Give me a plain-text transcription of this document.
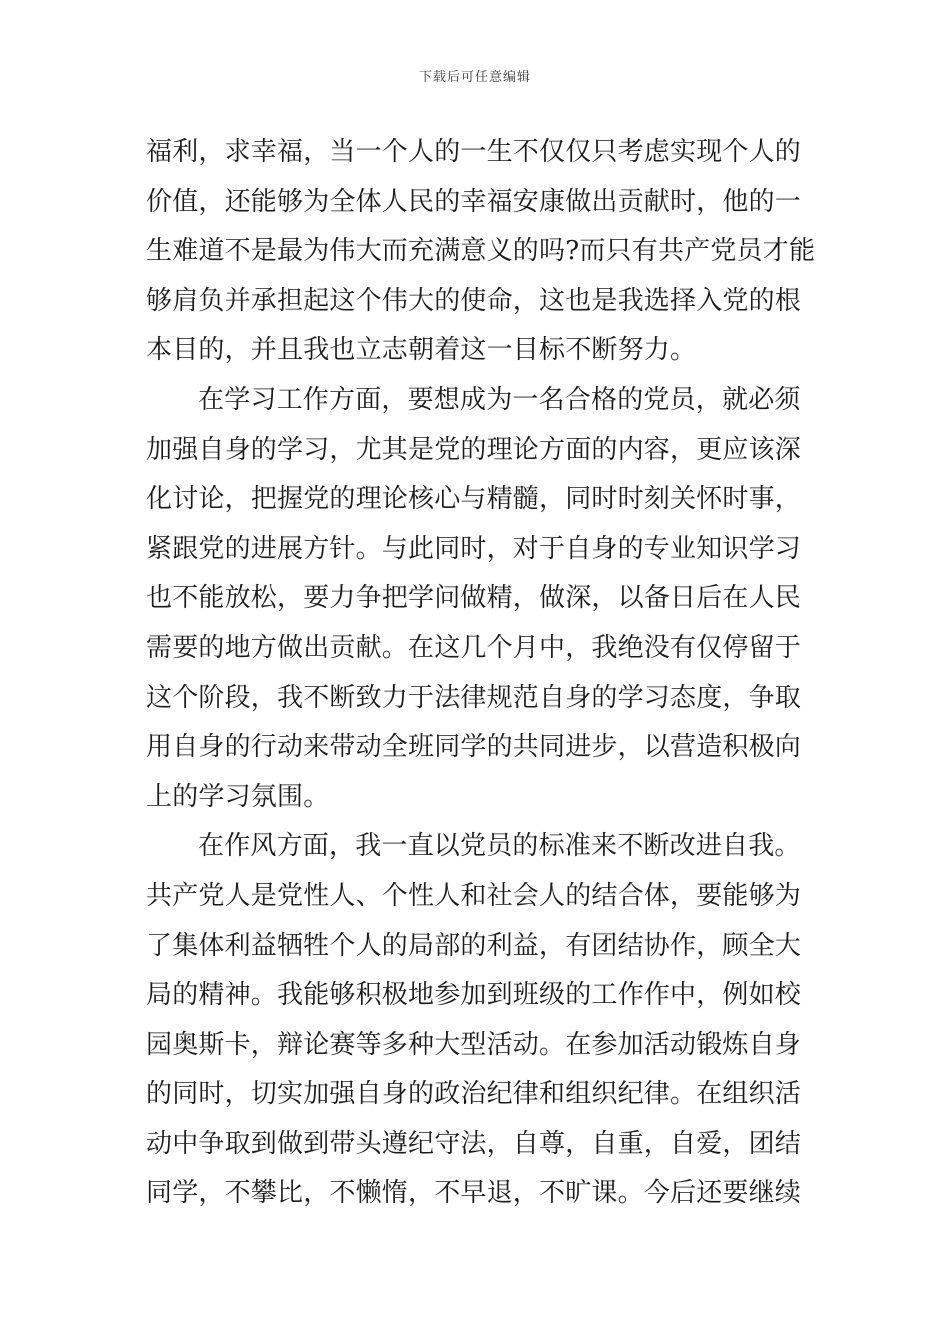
下载后可任意编辑
福利，求幸福，当一个人的一生不仅仅只考虑实现个人的
价值，还能够为全体人民的幸福安康做出贡献时，他的一
生难道不是最为伟大而充满意义的吗?而只有共产党员才能
够肩负并承担起这个伟大的使命，这也是我选择入党的根
本目的，并且我也立志朝着这一目标不断努力。
在学习工作方面，要想成为一名合格的党员，就必须
加强自身的学习，尤其是党的理论方面的内容，更应该深
化讨论，把握党的理论核心与精髓，同时时刻关怀时事，
紧跟党的进展方针。与此同时，对于自身的专业知识学习
也不能放松，要力争把学问做精，做深，以备日后在人民
需要的地方做出贡献。在这几个月中，我绝没有仅停留于
这个阶段，我不断致力于法律规范自身的学习态度，争取
用自身的行动来带动全班同学的共同进步，以营造积极向
上的学习氛围。
在作风方面，我一直以党员的标准来不断改进自我。
共产党人是党性人、个性人和社会人的结合体，要能够为
了集体利益牺牲个人的局部的利益，有团结协作，顾全大
局的精神。我能够积极地参加到班级的工作作中，例如校
园奥斯卡，辩论赛等多种大型活动。在参加活动锻炼自身
的同时，切实加强自身的政治纪律和组织纪律。在组织活
动中争取到做到带头遵纪守法，自尊，自重，自爱，团结
同学，不攀比，不懒惰，不早退，不旷课。今后还要继续
